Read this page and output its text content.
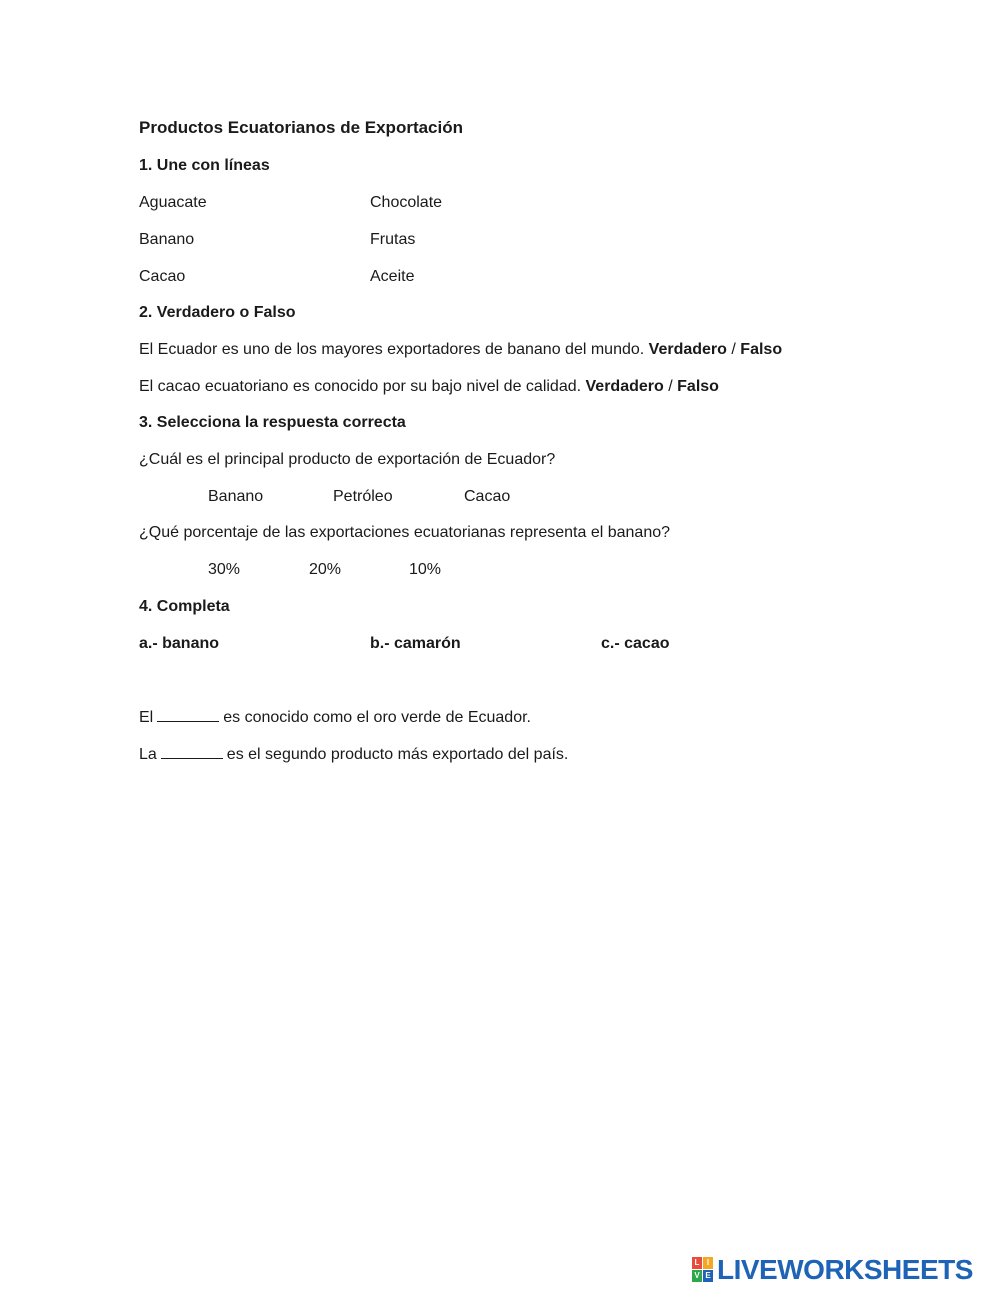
Productos Ecuatorianos de Exportación
1. Une con líneas
Aguacate	Chocolate
Banano	Frutas
Cacao	Aceite
2. Verdadero o Falso
El Ecuador es uno de los mayores exportadores de banano del mundo. Verdadero / Falso
El cacao ecuatoriano es conocido por su bajo nivel de calidad. Verdadero / Falso
3. Selecciona la respuesta correcta
¿Cuál es el principal producto de exportación de Ecuador?
Banano	Petróleo	Cacao
¿Qué porcentaje de las exportaciones ecuatorianas representa el banano?
30%	20%	10%
4. Completa
a.- banano	b.- camarón	c.- cacao
El	es conocido como el oro verde de Ecuador.
La	es el segundo producto más exportado del país.
L I
V E LIVEWORKSHEETS
